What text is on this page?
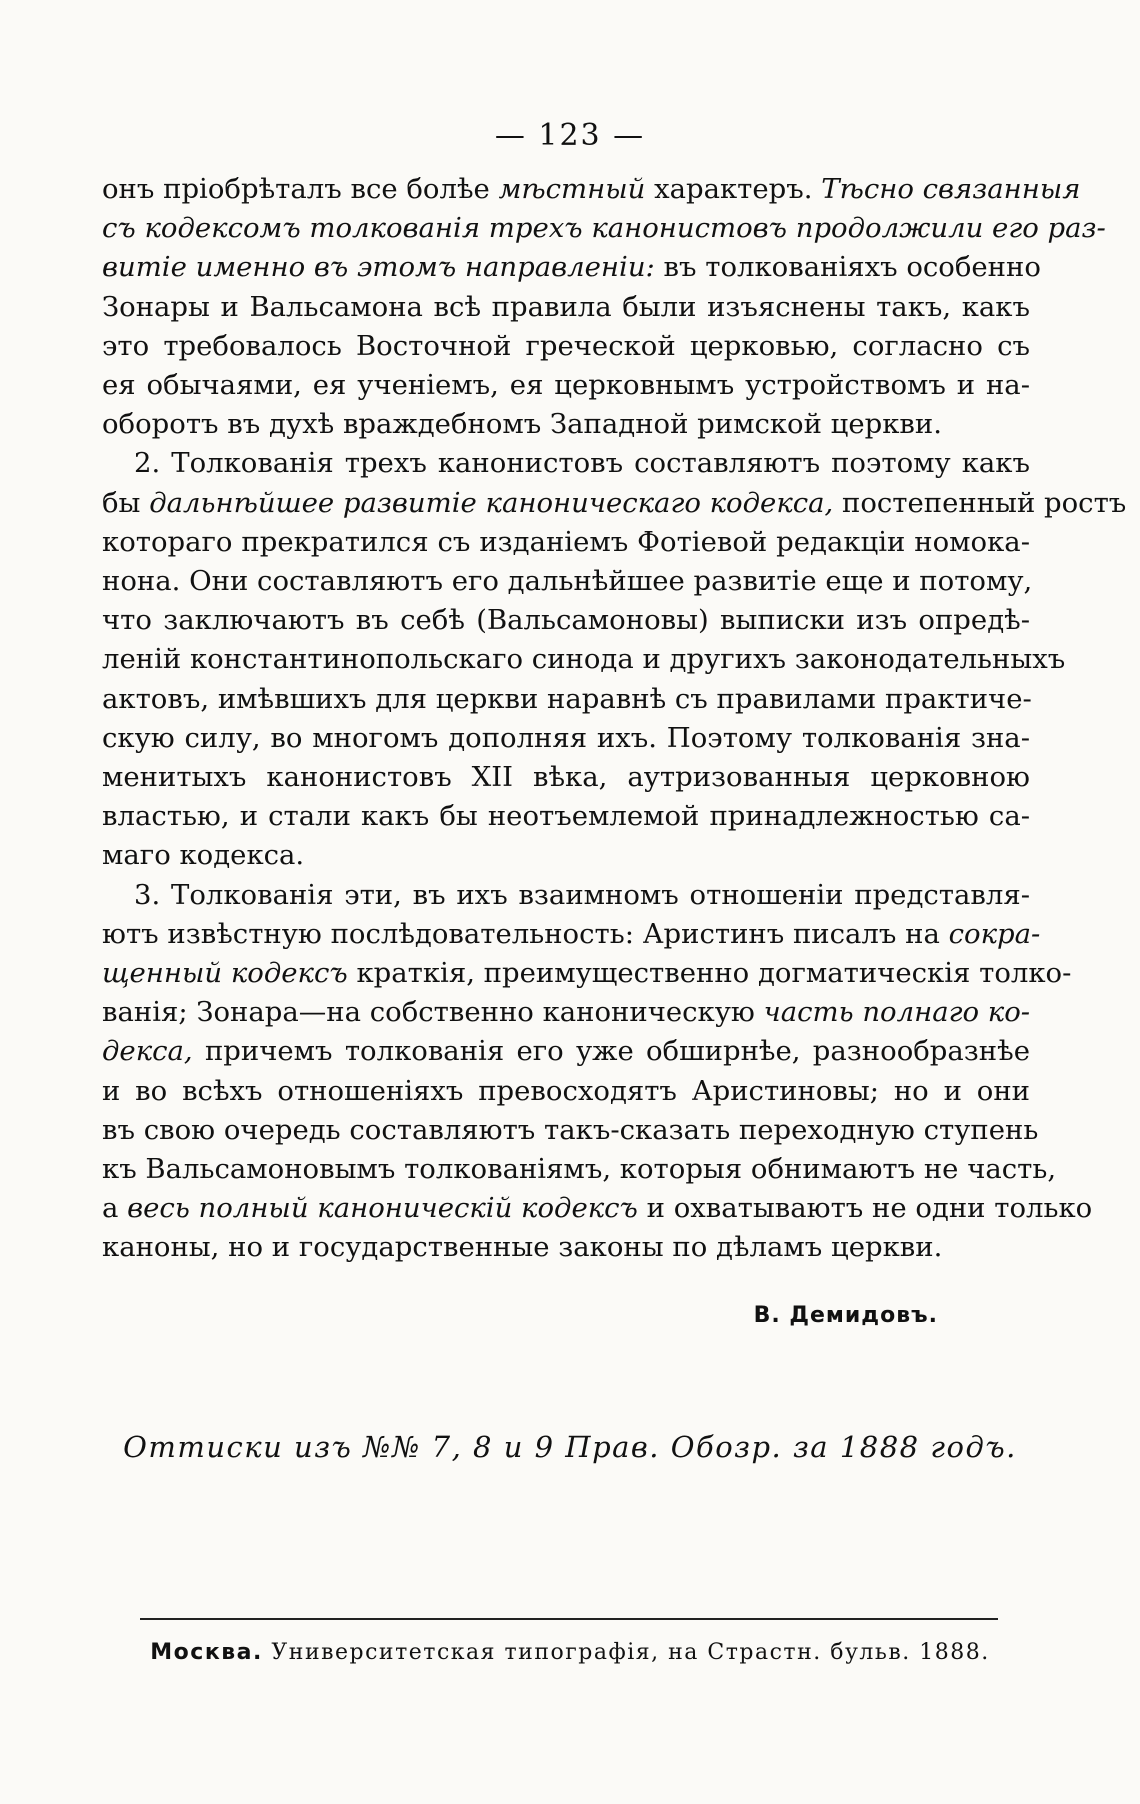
— 123 —
онъ пріобрѣталъ все болѣе мѣстный характеръ. Тѣсно связанныя
съ кодексомъ толкованія трехъ канонистовъ продолжили его раз-
витіе именно въ этомъ направленіи: въ толкованіяхъ особенно
Зонары и Вальсамона всѣ правила были изъяснены такъ, какъ
это требовалось Восточной греческой церковью, согласно съ
ея обычаями, ея ученіемъ, ея церковнымъ устройствомъ и на-
оборотъ въ духѣ враждебномъ Западной римской церкви.
2. Толкованія трехъ канонистовъ составляютъ поэтому какъ
бы дальнѣйшее развитіе каноническаго кодекса, постепенный ростъ
котораго прекратился съ изданіемъ Фотіевой редакціи номока-
нона. Они составляютъ его дальнѣйшее развитіе еще и потому,
что заключаютъ въ себѣ (Вальсамоновы) выписки изъ опредѣ-
леній константинопольскаго синода и другихъ законодательныхъ
актовъ, имѣвшихъ для церкви наравнѣ съ правилами практиче-
скую силу, во многомъ дополняя ихъ. Поэтому толкованія зна-
менитыхъ канонистовъ XII вѣка, аутризованныя церковною
властью, и стали какъ бы неотъемлемой принадлежностью са-
маго кодекса.
3. Толкованія эти, въ ихъ взаимномъ отношеніи представля-
ютъ извѣстную послѣдовательность: Аристинъ писалъ на сокра-
щенный кодексъ краткія, преимущественно догматическія толко-
ванія; Зонара—на собственно каноническую часть полнаго ко-
декса, причемъ толкованія его уже обширнѣе, разнообразнѣе
и во всѣхъ отношеніяхъ превосходятъ Аристиновы; но и они
въ свою очередь составляютъ такъ-сказать переходную ступень
къ Вальсамоновымъ толкованіямъ, которыя обнимаютъ не часть,
а весь полный каноническій кодексъ и охватываютъ не одни только
каноны, но и государственные законы по дѣламъ церкви.
В. Демидовъ.
Оттиски изъ №№ 7, 8 и 9 Прав. Обозр. за 1888 годъ.
Москва. Университетская типографія, на Страстн. бульв. 1888.
